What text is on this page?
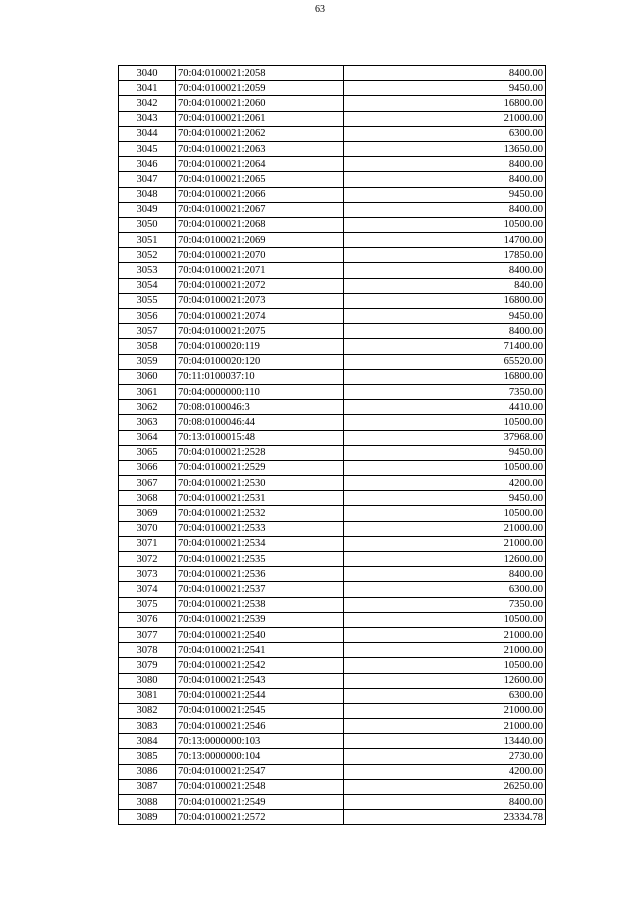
63
3040	70:04:0100021:2058	8400.00
3041	70:04:0100021:2059	9450.00
3042	70:04:0100021:2060	16800.00
3043	70:04:0100021:2061	21000.00
3044	70:04:0100021:2062	6300.00
3045	70:04:0100021:2063	13650.00
3046	70:04:0100021:2064	8400.00
3047	70:04:0100021:2065	8400.00
3048	70:04:0100021:2066	9450.00
3049	70:04:0100021:2067	8400.00
3050	70:04:0100021:2068	10500.00
3051	70:04:0100021:2069	14700.00
3052	70:04:0100021:2070	17850.00
3053	70:04:0100021:2071	8400.00
3054	70:04:0100021:2072	840.00
3055	70:04:0100021:2073	16800.00
3056	70:04:0100021:2074	9450.00
3057	70:04:0100021:2075	8400.00
3058	70:04:0100020:119	71400.00
3059	70:04:0100020:120	65520.00
3060	70:11:0100037:10	16800.00
3061	70:04:0000000:110	7350.00
3062	70:08:0100046:3	4410.00
3063	70:08:0100046:44	10500.00
3064	70:13:0100015:48	37968.00
3065	70:04:0100021:2528	9450.00
3066	70:04:0100021:2529	10500.00
3067	70:04:0100021:2530	4200.00
3068	70:04:0100021:2531	9450.00
3069	70:04:0100021:2532	10500.00
3070	70:04:0100021:2533	21000.00
3071	70:04:0100021:2534	21000.00
3072	70:04:0100021:2535	12600.00
3073	70:04:0100021:2536	8400.00
3074	70:04:0100021:2537	6300.00
3075	70:04:0100021:2538	7350.00
3076	70:04:0100021:2539	10500.00
3077	70:04:0100021:2540	21000.00
3078	70:04:0100021:2541	21000.00
3079	70:04:0100021:2542	10500.00
3080	70:04:0100021:2543	12600.00
3081	70:04:0100021:2544	6300.00
3082	70:04:0100021:2545	21000.00
3083	70:04:0100021:2546	21000.00
3084	70:13:0000000:103	13440.00
3085	70:13:0000000:104	2730.00
3086	70:04:0100021:2547	4200.00
3087	70:04:0100021:2548	26250.00
3088	70:04:0100021:2549	8400.00
3089	70:04:0100021:2572	23334.78
